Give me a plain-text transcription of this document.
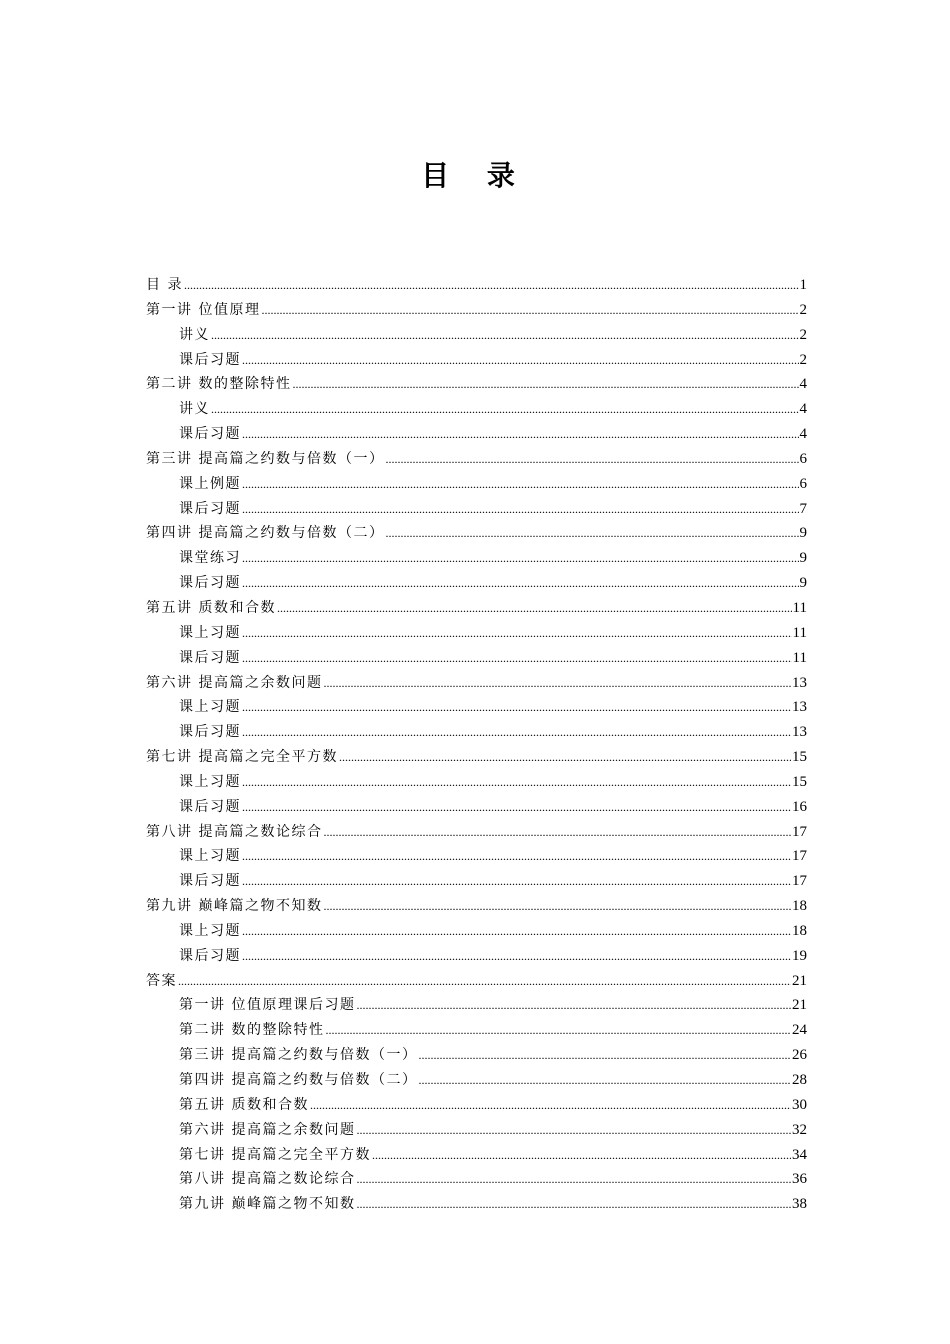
目 录
目 录 .....	1
第一讲 位值原理 .....	2
讲义 .....	2
课后习题 .....	2
第二讲 数的整除特性 .....	4
讲义 .....	4
课后习题 .....	4
第三讲 提高篇之约数与倍数（一） .....	6
课上例题 .....	6
课后习题 .....	7
第四讲 提高篇之约数与倍数（二） .....	9
课堂练习 .....	9
课后习题 .....	9
第五讲 质数和合数 .....	11
课上习题 .....	11
课后习题 .....	11
第六讲 提高篇之余数问题 .....	13
课上习题 .....	13
课后习题 .....	13
第七讲 提高篇之完全平方数 .....	15
课上习题 .....	15
课后习题 .....	16
第八讲 提高篇之数论综合 .....	17
课上习题 .....	17
课后习题 .....	17
第九讲 巅峰篇之物不知数 .....	18
课上习题 .....	18
课后习题 .....	19
答案 .....	21
第一讲 位值原理课后习题 .....	21
第二讲 数的整除特性 .....	24
第三讲 提高篇之约数与倍数（一） .....	26
第四讲 提高篇之约数与倍数（二） .....	28
第五讲 质数和合数 .....	30
第六讲 提高篇之余数问题 .....	32
第七讲 提高篇之完全平方数 .....	34
第八讲 提高篇之数论综合 .....	36
第九讲 巅峰篇之物不知数 .....	38
